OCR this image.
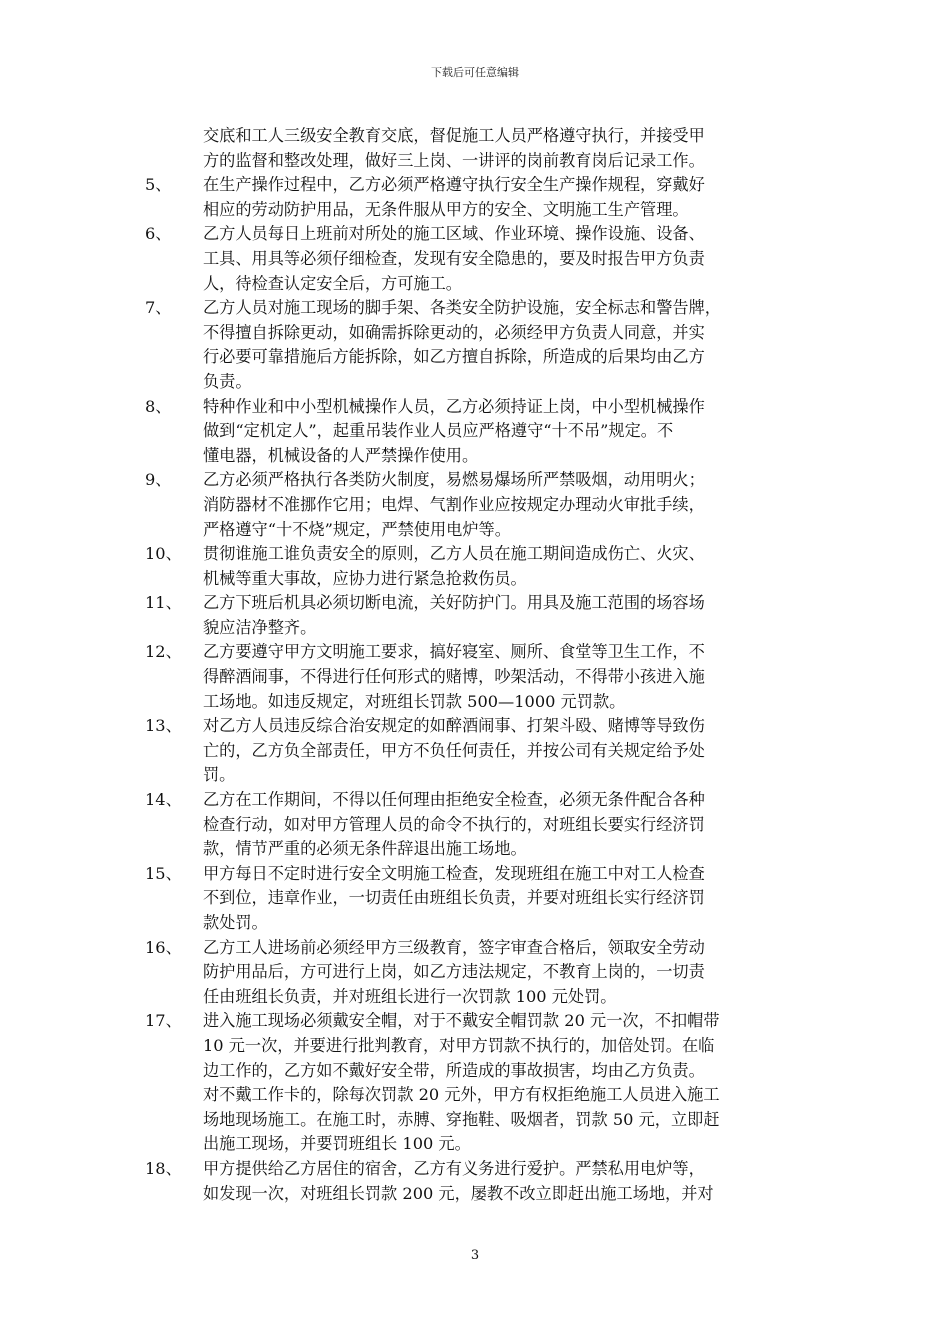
下载后可任意编辑
交底和工人三级安全教育交底，督促施工人员严格遵守执行，并接受甲
方的监督和整改处理，做好三上岗、一讲评的岗前教育岗后记录工作。
5、	在生产操作过程中，乙方必须严格遵守执行安全生产操作规程，穿戴好
相应的劳动防护用品，无条件服从甲方的安全、文明施工生产管理。
6、	乙方人员每日上班前对所处的施工区域、作业环境、操作设施、设备、
工具、用具等必须仔细检查，发现有安全隐患的，要及时报告甲方负责
人，待检查认定安全后，方可施工。
7、	乙方人员对施工现场的脚手架、各类安全防护设施，安全标志和警告牌，
不得擅自拆除更动，如确需拆除更动的，必须经甲方负责人同意，并实
行必要可靠措施后方能拆除，如乙方擅自拆除，所造成的后果均由乙方
负责。
8、	特种作业和中小型机械操作人员，乙方必须持证上岗，中小型机械操作
做到“定机定人”，起重吊装作业人员应严格遵守“十不吊”规定。不
懂电器，机械设备的人严禁操作使用。
9、	乙方必须严格执行各类防火制度，易燃易爆场所严禁吸烟，动用明火；
消防器材不准挪作它用；电焊、气割作业应按规定办理动火审批手续，
严格遵守“十不烧”规定，严禁使用电炉等。
10、	贯彻谁施工谁负责安全的原则，乙方人员在施工期间造成伤亡、火灾、
机械等重大事故，应协力进行紧急抢救伤员。
11、	乙方下班后机具必须切断电流，关好防护门。用具及施工范围的场容场
貌应洁净整齐。
12、	乙方要遵守甲方文明施工要求，搞好寝室、厕所、食堂等卫生工作，不
得醉酒闹事，不得进行任何形式的赌博，吵架活动，不得带小孩进入施
工场地。如违反规定，对班组长罚款 500—1000 元罚款。
13、	对乙方人员违反综合治安规定的如醉酒闹事、打架斗殴、赌博等导致伤
亡的，乙方负全部责任，甲方不负任何责任，并按公司有关规定给予处
罚。
14、	乙方在工作期间，不得以任何理由拒绝安全检查，必须无条件配合各种
检查行动，如对甲方管理人员的命令不执行的，对班组长要实行经济罚
款，情节严重的必须无条件辞退出施工场地。
15、	甲方每日不定时进行安全文明施工检查，发现班组在施工中对工人检查
不到位，违章作业，一切责任由班组长负责，并要对班组长实行经济罚
款处罚。
16、	乙方工人进场前必须经甲方三级教育，签字审查合格后，领取安全劳动
防护用品后，方可进行上岗，如乙方违法规定，不教育上岗的，一切责
任由班组长负责，并对班组长进行一次罚款 100 元处罚。
17、	进入施工现场必须戴安全帽，对于不戴安全帽罚款 20 元一次，不扣帽带
10 元一次，并要进行批判教育，对甲方罚款不执行的，加倍处罚。在临
边工作的，乙方如不戴好安全带，所造成的事故损害，均由乙方负责。
对不戴工作卡的，除每次罚款 20 元外，甲方有权拒绝施工人员进入施工
场地现场施工。在施工时，赤膊、穿拖鞋、吸烟者，罚款 50 元，立即赶
出施工现场，并要罚班组长 100 元。
18、	甲方提供给乙方居住的宿舍，乙方有义务进行爱护。严禁私用电炉等，
如发现一次，对班组长罚款 200 元，屡教不改立即赶出施工场地，并对
3
